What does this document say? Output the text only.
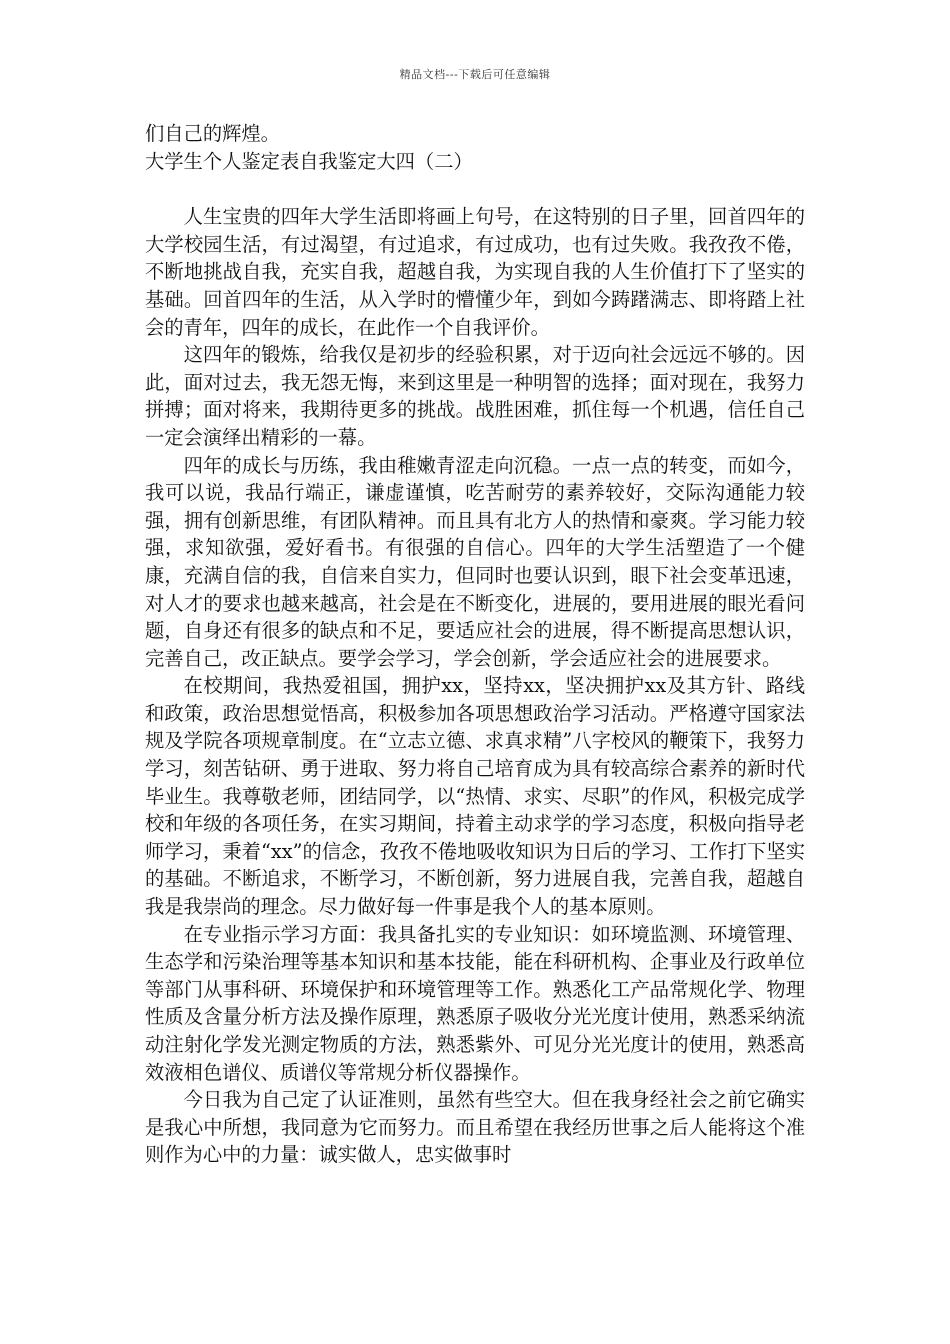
精品文档---下载后可任意编辑

们自己的辉煌。

大学生个人鉴定表自我鉴定大四（二）

人生宝贵的四年大学生活即将画上句号，在这特别的日子里，回首四年的大学校园生活，有过渴望，有过追求，有过成功，也有过失败。我孜孜不倦，不断地挑战自我，充实自我，超越自我，为实现自我的人生价值打下了坚实的基础。回首四年的生活，从入学时的懵懂少年，到如今踌躇满志、即将踏上社会的青年，四年的成长，在此作一个自我评价。

这四年的锻炼，给我仅是初步的经验积累，对于迈向社会远远不够的。因此，面对过去，我无怨无悔，来到这里是一种明智的选择；面对现在，我努力拼搏；面对将来，我期待更多的挑战。战胜困难，抓住每一个机遇，信任自己一定会演绎出精彩的一幕。

四年的成长与历练，我由稚嫩青涩走向沉稳。一点一点的转变，而如今，我可以说，我品行端正，谦虚谨慎，吃苦耐劳的素养较好，交际沟通能力较强，拥有创新思维，有团队精神。而且具有北方人的热情和豪爽。学习能力较强，求知欲强，爱好看书。有很强的自信心。四年的大学生活塑造了一个健康，充满自信的我，自信来自实力，但同时也要认识到，眼下社会变革迅速，对人才的要求也越来越高，社会是在不断变化，进展的，要用进展的眼光看问题，自身还有很多的缺点和不足，要适应社会的进展，得不断提高思想认识，完善自己，改正缺点。要学会学习，学会创新，学会适应社会的进展要求。

在校期间，我热爱祖国，拥护xx，坚持xx，坚决拥护xx及其方针、路线和政策，政治思想觉悟高，积极参加各项思想政治学习活动。严格遵守国家法规及学院各项规章制度。在“立志立德、求真求精”八字校风的鞭策下，我努力学习，刻苦钻研、勇于进取、努力将自己培育成为具有较高综合素养的新时代毕业生。我尊敬老师，团结同学，以“热情、求实、尽职”的作风，积极完成学校和年级的各项任务，在实习期间，持着主动求学的学习态度，积极向指导老师学习，秉着“xx”的信念，孜孜不倦地吸收知识为日后的学习、工作打下坚实的基础。不断追求，不断学习，不断创新，努力进展自我，完善自我，超越自我是我崇尚的理念。尽力做好每一件事是我个人的基本原则。

在专业指示学习方面：我具备扎实的专业知识：如环境监测、环境管理、生态学和污染治理等基本知识和基本技能，能在科研机构、企事业及行政单位等部门从事科研、环境保护和环境管理等工作。熟悉化工产品常规化学、物理性质及含量分析方法及操作原理，熟悉原子吸收分光光度计使用，熟悉采纳流动注射化学发光测定物质的方法，熟悉紫外、可见分光光度计的使用，熟悉高效液相色谱仪、质谱仪等常规分析仪器操作。

今日我为自己定了认证准则，虽然有些空大。但在我身经社会之前它确实是我心中所想，我同意为它而努力。而且希望在我经历世事之后人能将这个准则作为心中的力量：诚实做人，忠实做事时
